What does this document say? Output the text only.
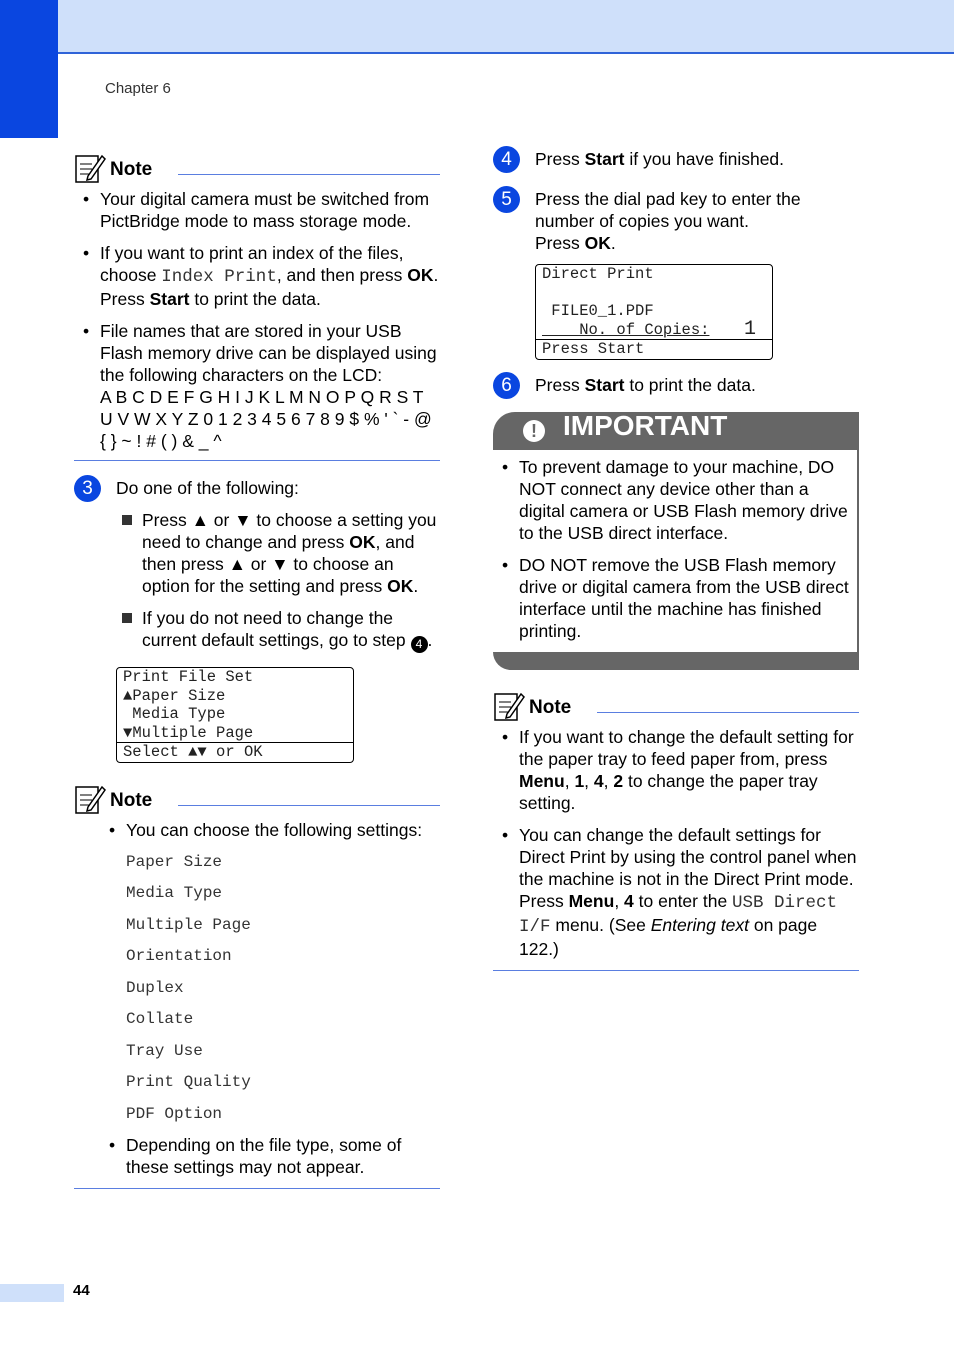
Chapter 6
Note
• Your digital camera must be switched from PictBridge mode to mass storage mode.
• If you want to print an index of the files, choose Index Print, and then press OK. Press Start to print the data.
• File names that are stored in your USB Flash memory drive can be displayed using the following characters on the LCD:
A B C D E F G H I J K L M N O P Q R S T
U V W X Y Z 0 1 2 3 4 5 6 7 8 9 $ % ' ` - @
{ } ~ ! # ( ) & _ ^
3	Do one of the following:
Press ▲ or ▼ to choose a setting you need to change and press OK, and then press ▲ or ▼ to choose an option for the setting and press OK.
If you do not need to change the current default settings, go to step 4 .
Print File Set
▲Paper Size
Media Type
▼Multiple Page
Select ▲▼ or OK
Note
• You can choose the following settings:
Paper Size
Media Type
Multiple Page
Orientation
Duplex
Collate
Tray Use
Print Quality
PDF Option
• Depending on the file type, some of these settings may not appear.
4	Press Start if you have finished.
5	Press the dial pad key to enter the number of copies you want.
Press OK.
Direct Print
FILE0_1.PDF
No. of Copies: 1
Press Start
6	Press Start to print the data.
! IMPORTANT
• To prevent damage to your machine, DO NOT connect any device other than a digital camera or USB Flash memory drive to the USB direct interface.
• DO NOT remove the USB Flash memory drive or digital camera from the USB direct interface until the machine has finished printing.
Note
• If you want to change the default setting for the paper tray to feed paper from, press Menu, 1, 4, 2 to change the paper tray setting.
• You can change the default settings for Direct Print by using the control panel when the machine is not in the Direct Print mode. Press Menu, 4 to enter the USB Direct I/F menu. (See Entering text on page 122.)
44
